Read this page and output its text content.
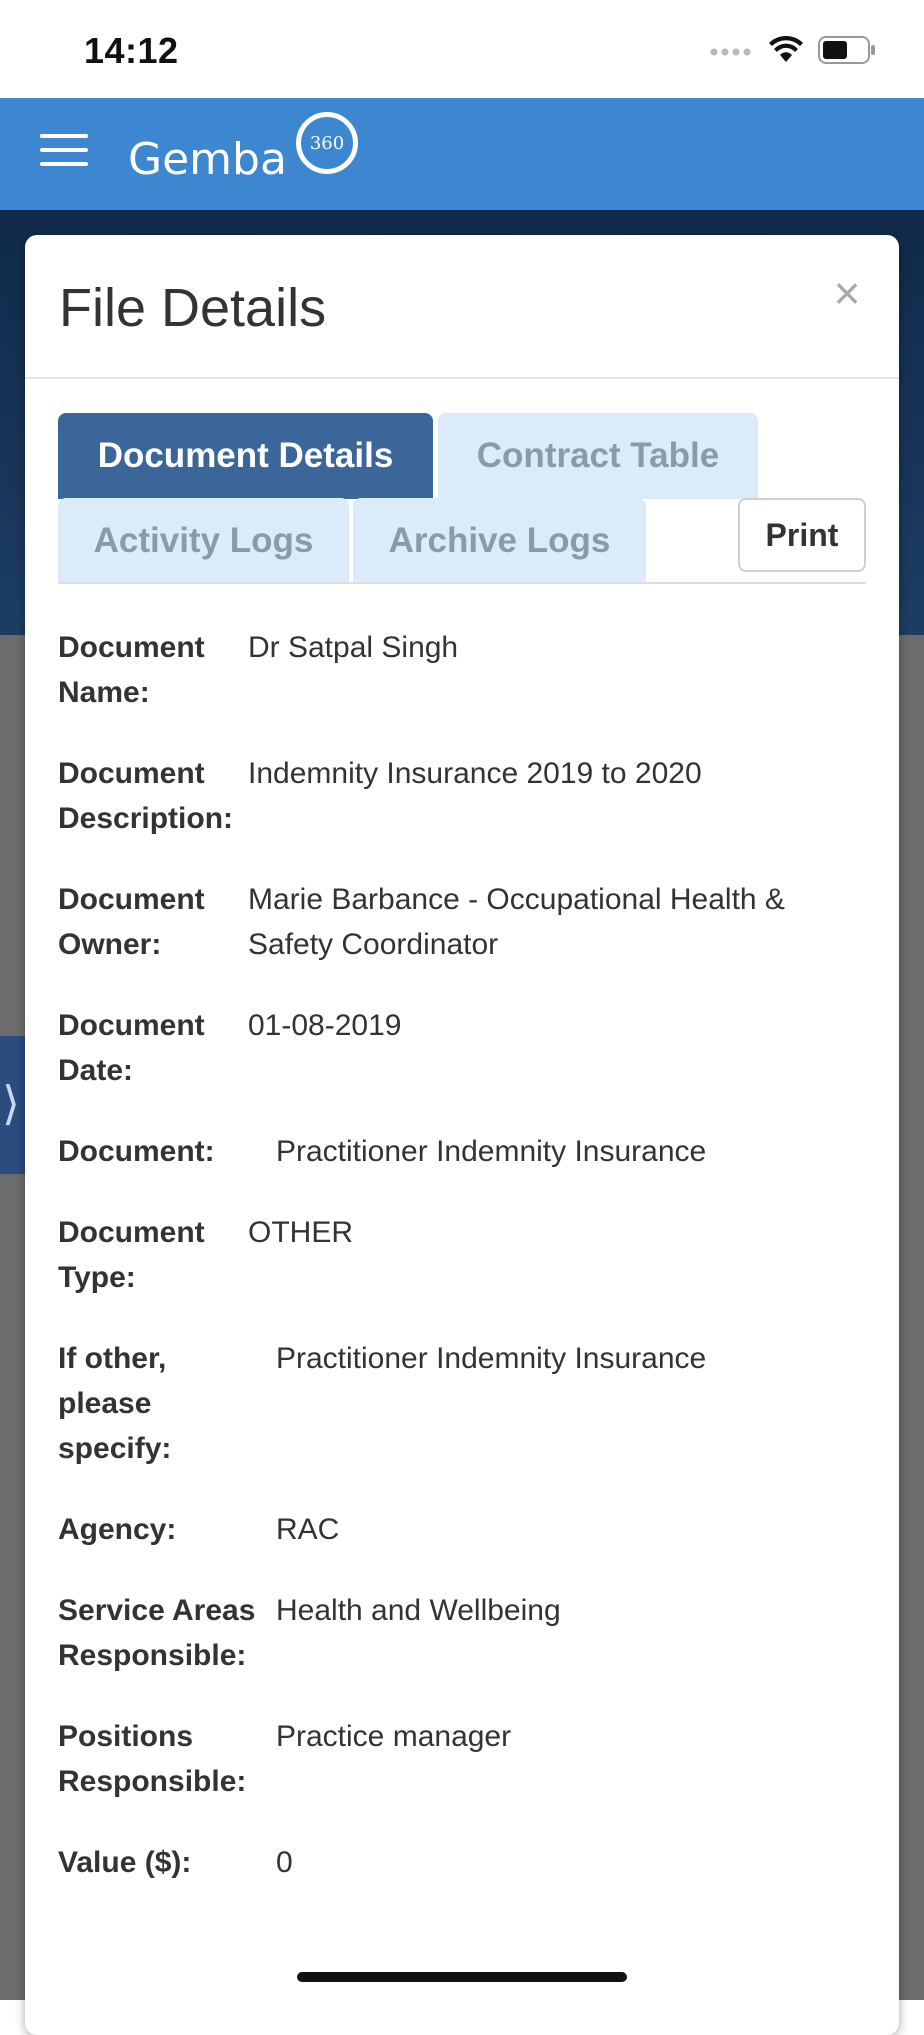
14:12
Gemba	360
⟩
File Details	×
Document Details	Contract Table
Activity Logs	Archive Logs	Print
Document Name:
Dr Satpal Singh
Document Description:
Indemnity Insurance 2019 to 2020
Document Owner:
Marie Barbance - Occupational Health & Safety Coordinator
Document Date:
01-08-2019
Document:	Practitioner Indemnity Insurance
Document Type:
OTHER
If other, please specify:
Practitioner Indemnity Insurance
Agency:	RAC
Service Areas Responsible:
Health and Wellbeing
Positions Responsible:
Practice manager
Value ($):	0
